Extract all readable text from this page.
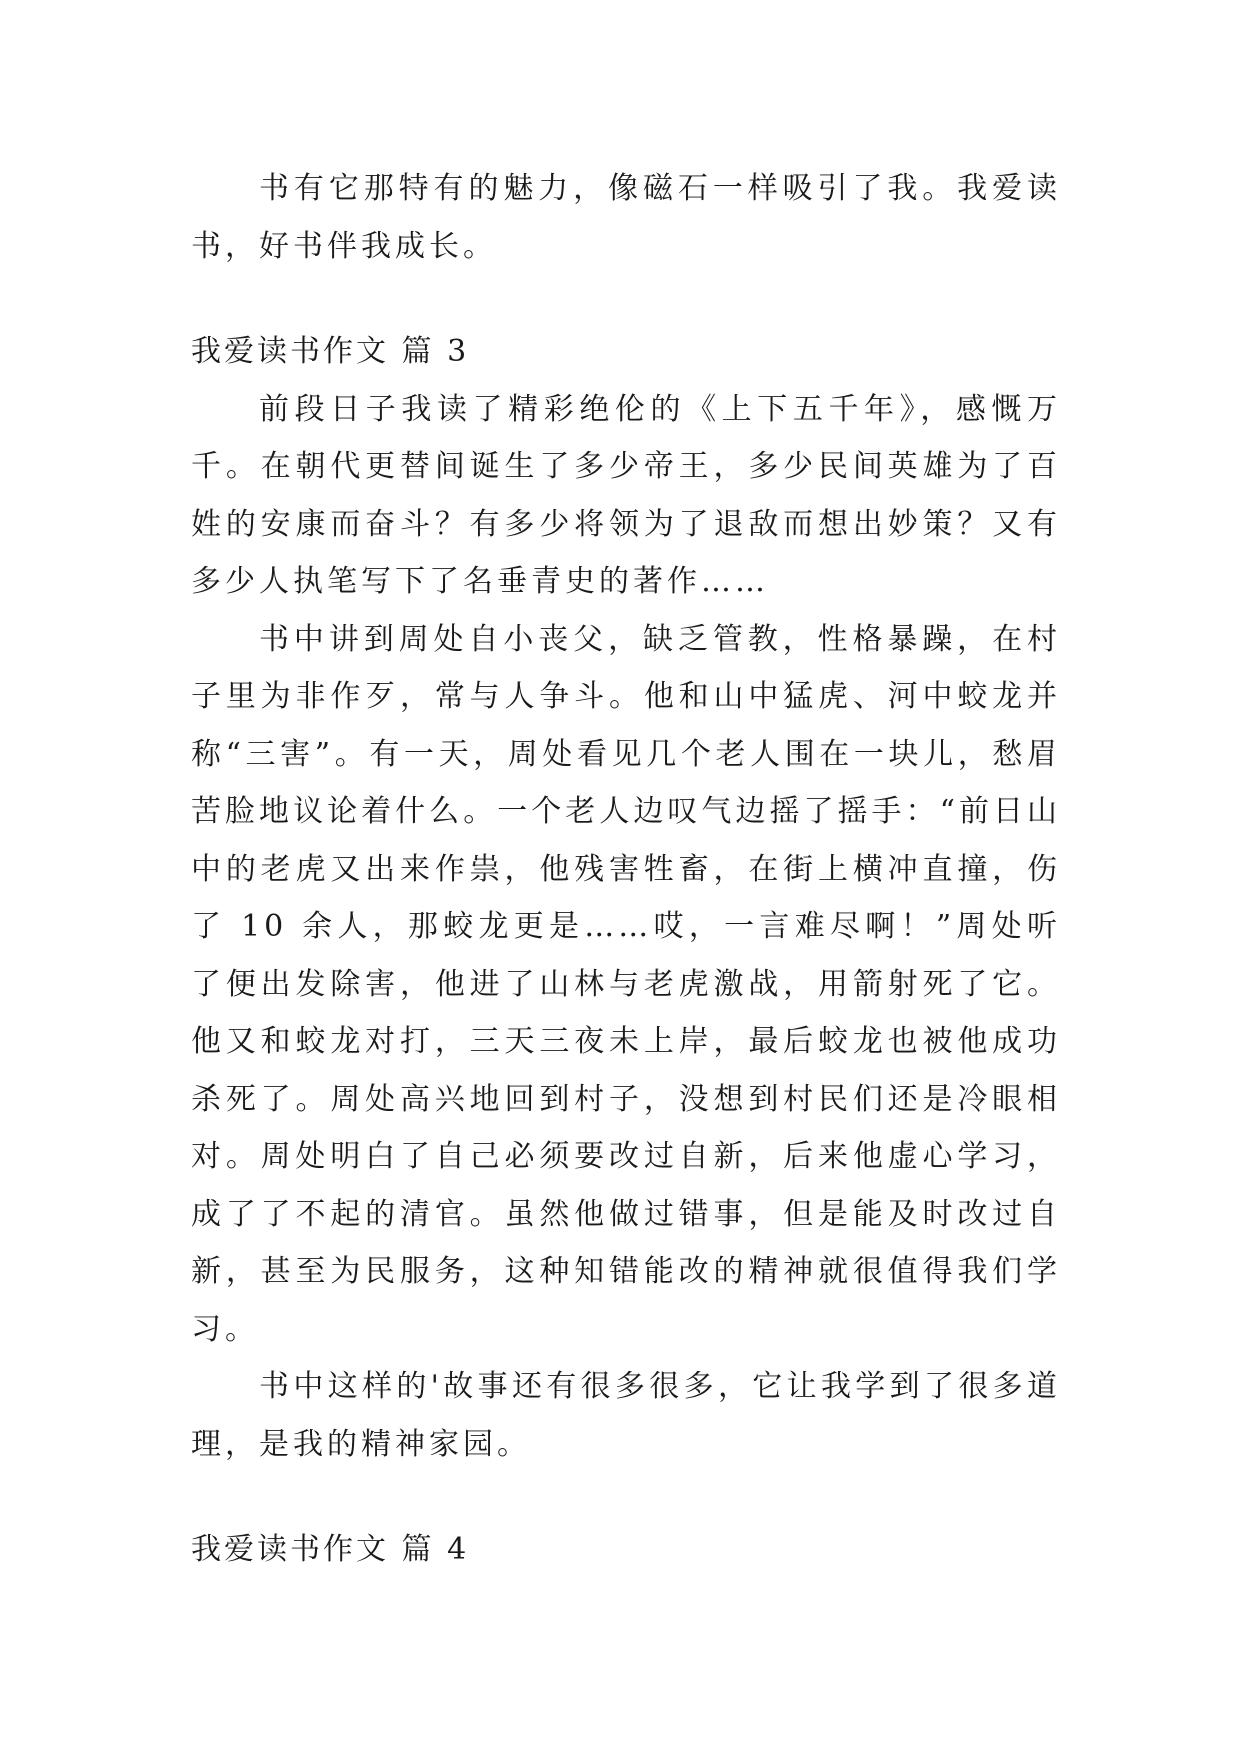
书有它那特有的魅力，像磁石一样吸引了我。我爱读书，好书伴我成长。

我爱读书作文 篇 3

前段日子我读了精彩绝伦的《上下五千年》，感慨万千。在朝代更替间诞生了多少帝王，多少民间英雄为了百姓的安康而奋斗？有多少将领为了退敌而想出妙策？又有多少人执笔写下了名垂青史的著作……

书中讲到周处自小丧父，缺乏管教，性格暴躁，在村子里为非作歹，常与人争斗。他和山中猛虎、河中蛟龙并称“三害”。有一天，周处看见几个老人围在一块儿，愁眉苦脸地议论着什么。一个老人边叹气边摇了摇手：“前日山中的老虎又出来作祟，他残害牲畜，在街上横冲直撞，伤了 10 余人，那蛟龙更是……哎，一言难尽啊！”周处听了便出发除害，他进了山林与老虎激战，用箭射死了它。他又和蛟龙对打，三天三夜未上岸，最后蛟龙也被他成功杀死了。周处高兴地回到村子，没想到村民们还是冷眼相对。周处明白了自己必须要改过自新，后来他虚心学习，成了了不起的清官。虽然他做过错事，但是能及时改过自新，甚至为民服务，这种知错能改的精神就很值得我们学习。

书中这样的'故事还有很多很多，它让我学到了很多道理，是我的精神家园。

我爱读书作文 篇 4
